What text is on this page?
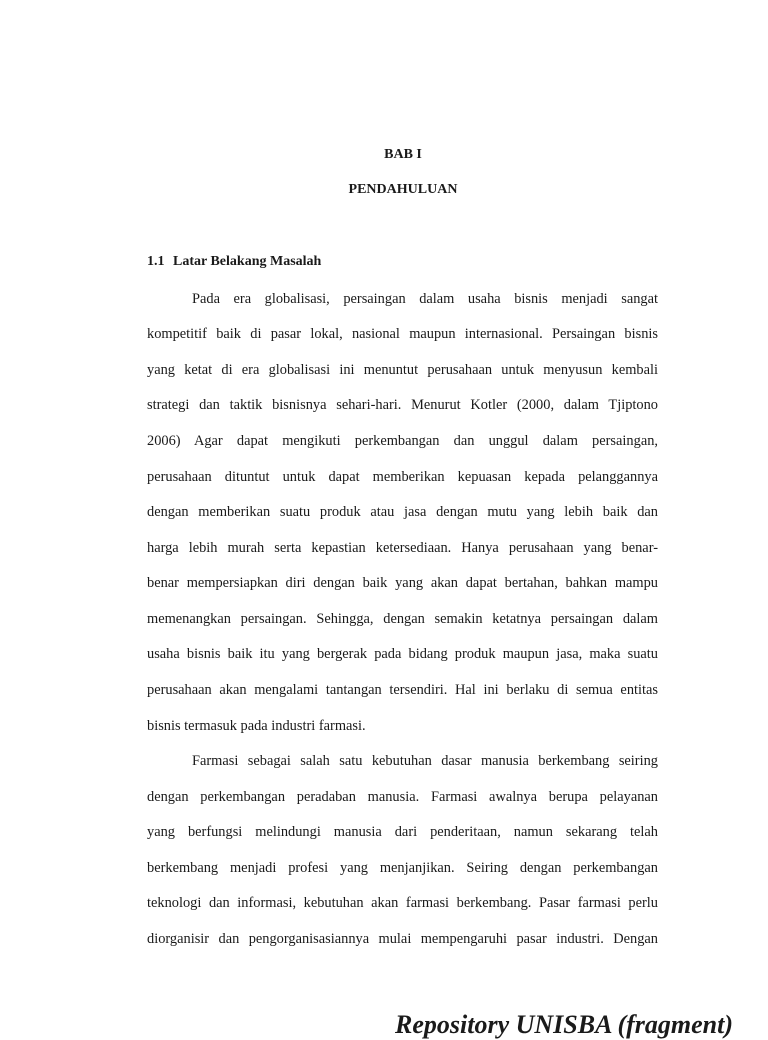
BAB I
PENDAHULUAN
1.1 Latar Belakang Masalah
Pada era globalisasi, persaingan dalam usaha bisnis menjadi sangat
kompetitif baik di pasar lokal, nasional maupun internasional. Persaingan bisnis
yang ketat di era globalisasi ini menuntut perusahaan untuk menyusun kembali
strategi dan taktik bisnisnya sehari-hari. Menurut Kotler (2000, dalam Tjiptono
2006) Agar dapat mengikuti perkembangan dan unggul dalam persaingan,
perusahaan dituntut untuk dapat memberikan kepuasan kepada pelanggannya
dengan memberikan suatu produk atau jasa dengan mutu yang lebih baik dan
harga lebih murah serta kepastian ketersediaan. Hanya perusahaan yang benar-
benar mempersiapkan diri dengan baik yang akan dapat bertahan, bahkan mampu
memenangkan persaingan. Sehingga, dengan semakin ketatnya persaingan dalam
usaha bisnis baik itu yang bergerak pada bidang produk maupun jasa, maka suatu
perusahaan akan mengalami tantangan tersendiri. Hal ini berlaku di semua entitas
bisnis termasuk pada industri farmasi.
Farmasi sebagai salah satu kebutuhan dasar manusia berkembang seiring
dengan perkembangan peradaban manusia. Farmasi awalnya berupa pelayanan
yang berfungsi melindungi manusia dari penderitaan, namun sekarang telah
berkembang menjadi profesi yang menjanjikan. Seiring dengan perkembangan
teknologi dan informasi, kebutuhan akan farmasi berkembang. Pasar farmasi perlu
diorganisir dan pengorganisasiannya mulai mempengaruhi pasar industri. Dengan
Repository UNISBA (fragment)
